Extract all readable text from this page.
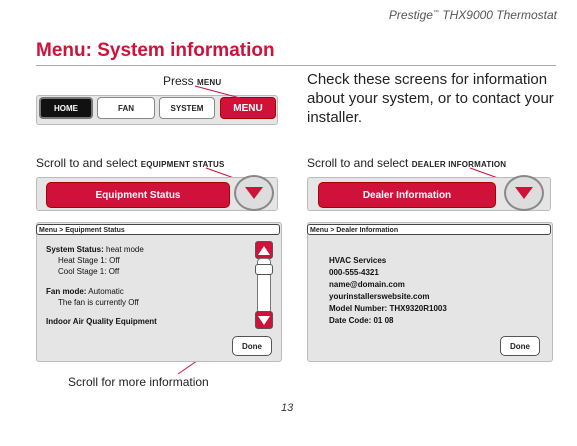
Prestige™ THX9000 Thermostat
Menu: System information
Press MENU
HOME	FAN	SYSTEM	MENU
Check these screens for information about your system, or to contact your installer.
Scroll to and select EQUIPMENT STATUS
Equipment Status
Menu > Equipment Status
System Status: heat mode
Heat Stage 1: Off
Cool Stage 1: Off
Fan mode: Automatic
The fan is currently Off
Indoor Air Quality Equipment
Done
Scroll to and select DEALER INFORMATION
Dealer Information
Menu > Dealer Information
HVAC Services
000-555-4321
name@domain.com
yourinstallerswebsite.com
Model Number: THX9320R1003
Date Code: 01 08
Done
Scroll for more information
13
